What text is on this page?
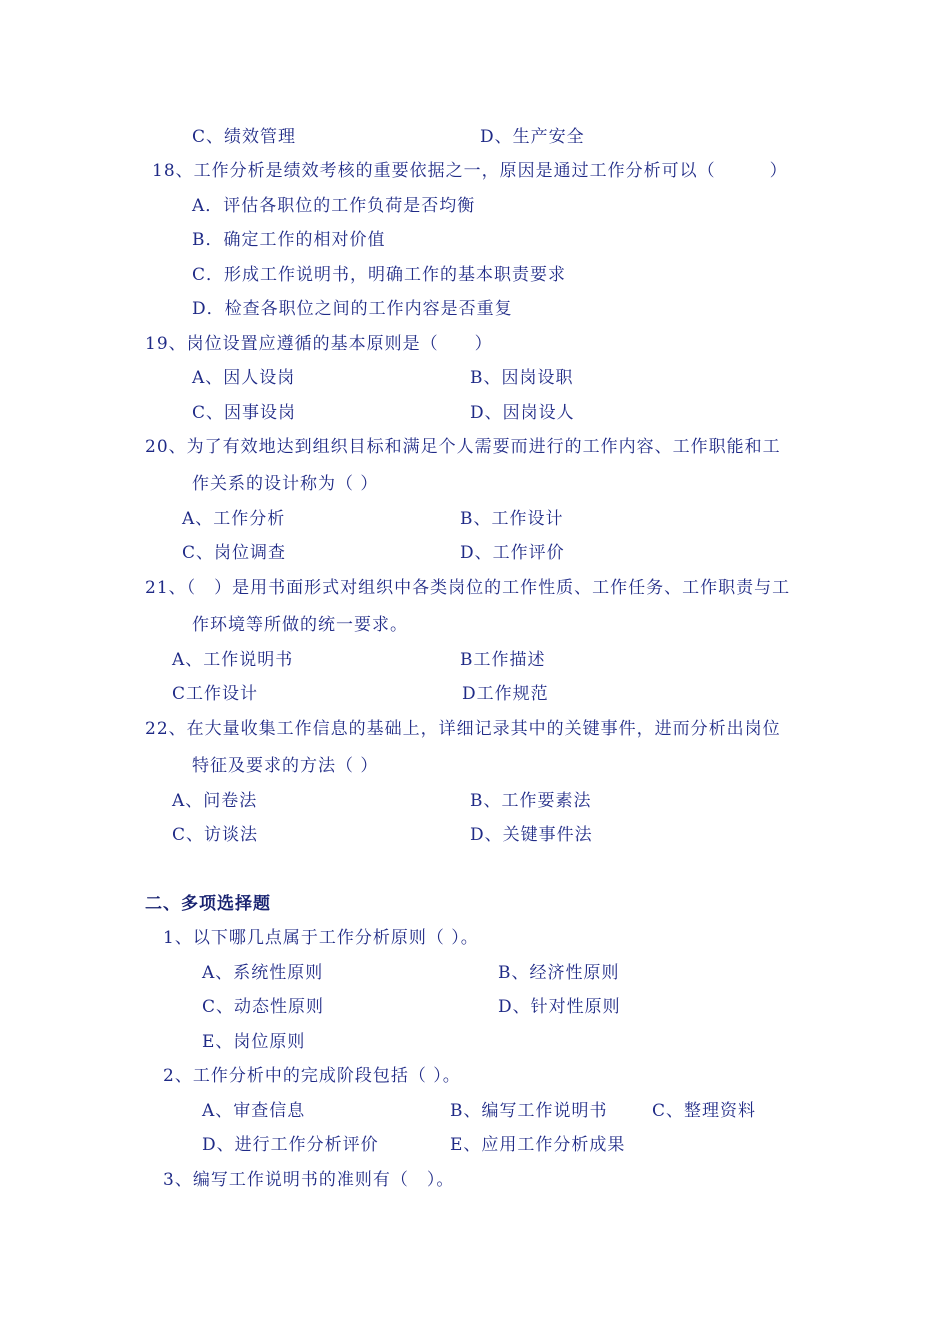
C、绩效管理	D、生产安全
18、工作分析是绩效考核的重要依据之一，原因是通过工作分析可以（　　　）
A．评估各职位的工作负荷是否均衡
B．确定工作的相对价值
C．形成工作说明书，明确工作的基本职责要求
D．检查各职位之间的工作内容是否重复
19、岗位设置应遵循的基本原则是（　　）
A、因人设岗	B、因岗设职
C、因事设岗	D、因岗设人
20、为了有效地达到组织目标和满足个人需要而进行的工作内容、工作职能和工
作关系的设计称为（ ）
A、工作分析	B、工作设计
C、岗位调查	D、工作评价
21、（　）是用书面形式对组织中各类岗位的工作性质、工作任务、工作职责与工
作环境等所做的统一要求。
A、工作说明书	B工作描述
C工作设计	D工作规范
22、在大量收集工作信息的基础上，详细记录其中的关键事件，进而分析出岗位
特征及要求的方法（ ）
A、问卷法	B、工作要素法
C、访谈法	D、关键事件法
二、多项选择题
1、以下哪几点属于工作分析原则（ ）。
A、系统性原则	B、经济性原则
C、动态性原则	D、针对性原则
E、岗位原则
2、工作分析中的完成阶段包括（ ）。
A、审查信息	B、编写工作说明书	C、整理资料
D、进行工作分析评价	E、应用工作分析成果
3、编写工作说明书的准则有（　）。
